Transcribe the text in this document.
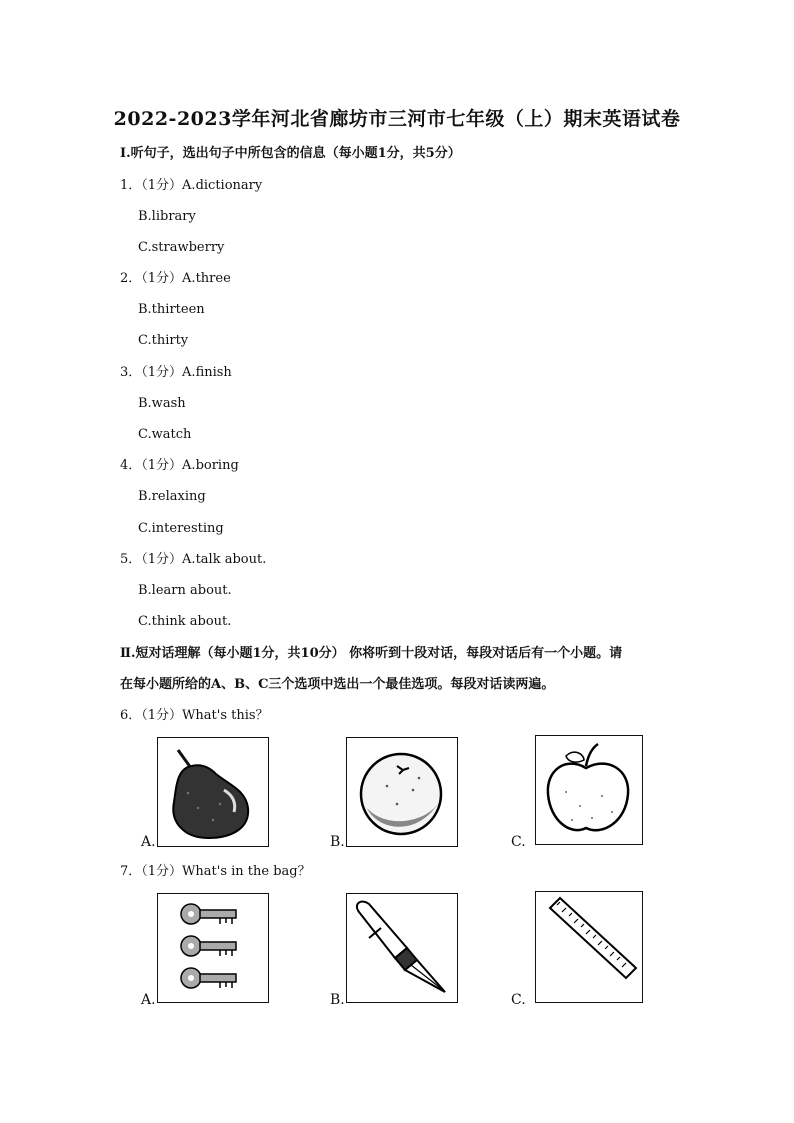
2022-2023学年河北省廊坊市三河市七年级（上）期末英语试卷
Ⅰ.听句子，选出句子中所包含的信息（每小题1分，共5分）
1．（1分）A.dictionary
B.library
C.strawberry
2．（1分）A.three
B.thirteen
C.thirty
3．（1分）A.finish
B.wash
C.watch
4．（1分）A.boring
B.relaxing
C.interesting
5．（1分）A.talk about.
B.learn about.
C.think about.
Ⅱ.短对话理解（每小题1分，共10分） 你将听到十段对话，每段对话后有一个小题。请
在每小题所给的A、B、C三个选项中选出一个最佳选项。每段对话读两遍。
6．（1分）What's this？
A.	B.	C.
7．（1分）What's in the bag？
A.	B.	C.
